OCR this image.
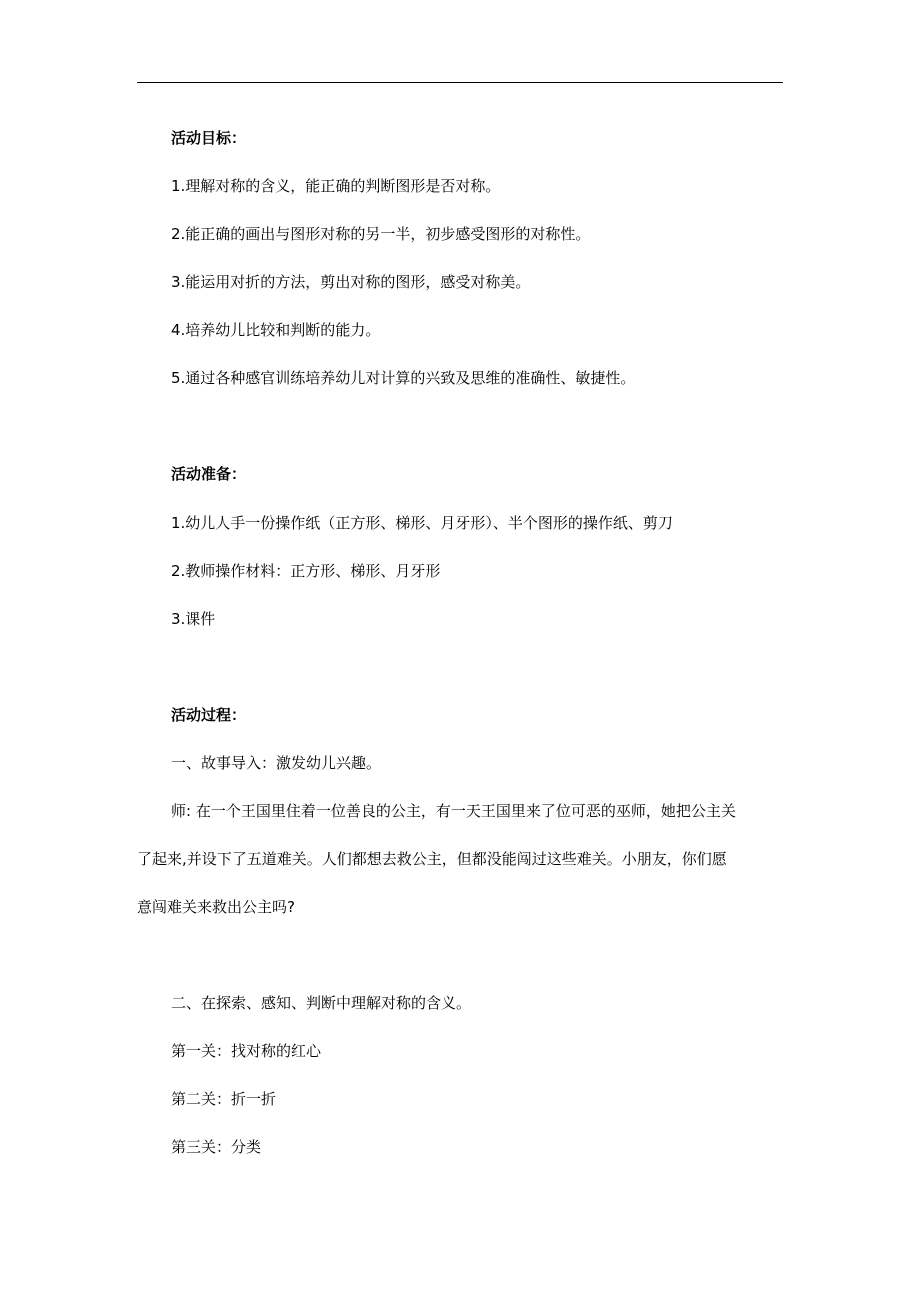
活动目标：
1.理解对称的含义，能正确的判断图形是否对称。
2.能正确的画出与图形对称的另一半，初步感受图形的对称性。
3.能运用对折的方法，剪出对称的图形，感受对称美。
4.培养幼儿比较和判断的能力。
5.通过各种感官训练培养幼儿对计算的兴致及思维的准确性、敏捷性。
活动准备：
1.幼儿人手一份操作纸（正方形、梯形、月牙形）、半个图形的操作纸、剪刀
2.教师操作材料：正方形、梯形、月牙形
3.课件
活动过程：
一、故事导入：激发幼儿兴趣。
师: 在一个王国里住着一位善良的公主，有一天王国里来了位可恶的巫师，她把公主关
了起来,并设下了五道难关。人们都想去救公主，但都没能闯过这些难关。小朋友，你们愿
意闯难关来救出公主吗?
二、在探索、感知、判断中理解对称的含义。
第一关：找对称的红心
第二关：折一折
第三关：分类
